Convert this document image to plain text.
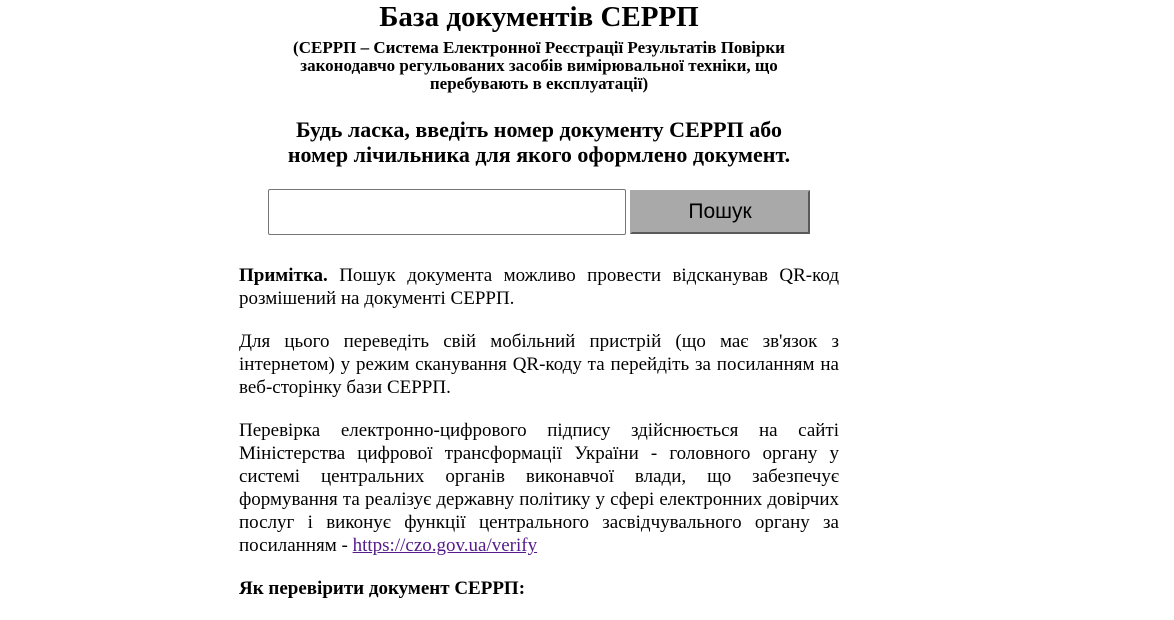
База документів СЕРРП

(СЕРРП – Система Електронної Реєстрації Результатів Повірки законодавчо регульованих засобів вимірювальної техніки, що перебувають в експлуатації)

Будь ласка, введіть номер документу СЕРРП або
номер лічильника для якого оформлено документ.
Пошук

Примітка. Пошук документа можливо провести відсканував QR-код розмішений на документі СЕРРП.

Для цього переведіть свій мобільний пристрій (що має зв'язок з інтернетом) у режим сканування QR-коду та перейдіть за посиланням на веб-сторінку бази СЕРРП.

Перевірка електронно-цифрового підпису здійснюється на сайті Міністерства цифрової трансформації України - головного органу у системі центральних органів виконавчої влади, що забезпечує формування та реалізує державну політику у сфері електронних довірчих послуг і виконує функції центрального засвідчувального органу за посиланням - https://czo.gov.ua/verify

Як перевірити документ СЕРРП:
